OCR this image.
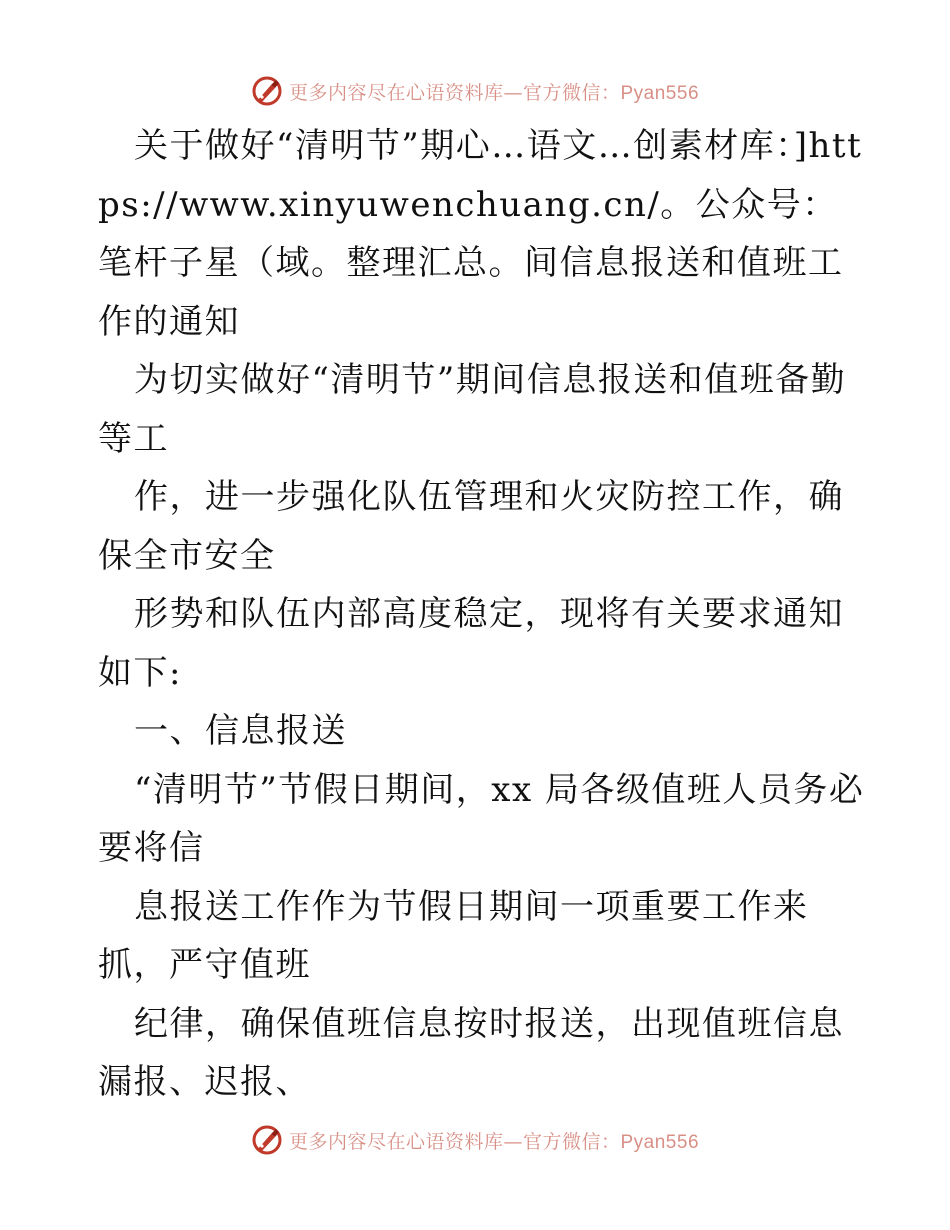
更多内容尽在心语资料库—官方微信：Pyan556

关于做好“清明节”期心…语文…创素材库：]https://www.xinyuwenchuang.cn/。公众号：笔杆子星（域。整理汇总。间信息报送和值班工作的通知

为切实做好“清明节”期间信息报送和值班备勤等工

作，进一步强化队伍管理和火灾防控工作，确保全市安全

形势和队伍内部高度稳定，现将有关要求通知如下:

一、信息报送

“清明节”节假日期间，xx 局各级值班人员务必要将信

息报送工作作为节假日期间一项重要工作来抓，严守值班

纪律，确保值班信息按时报送，出现值班信息漏报、迟报、

更多内容尽在心语资料库—官方微信：Pyan556
